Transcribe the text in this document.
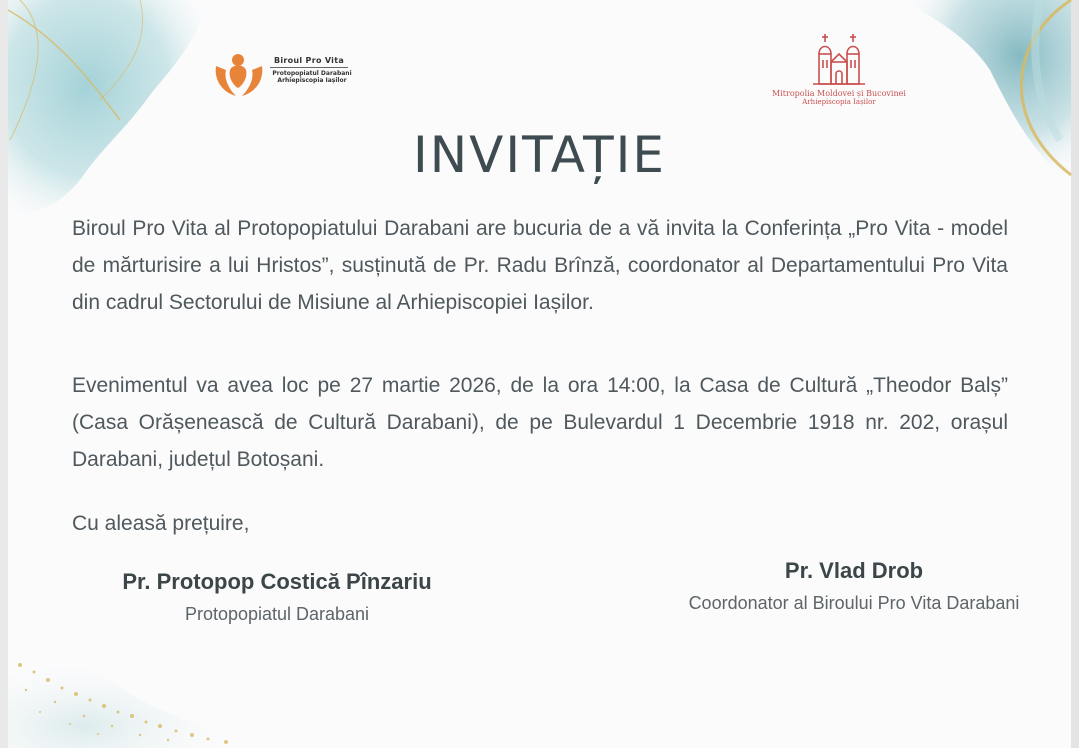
Biroul Pro Vita
Protopopiatul Darabani
Arhiepiscopia Iașilor
Mitropolia Moldovei și Bucovinei
Arhiepiscopia Iașilor
INVITAȚIE
Biroul Pro Vita al Protopopiatului Darabani are bucuria de a vă invita la Conferința „Pro Vita - model de mărturisire a lui Hristos”, susținută de Pr. Radu Brînză, coordonator al Departamentului Pro Vita din cadrul Sectorului de Misiune al Arhiepiscopiei Iașilor.
Evenimentul va avea loc pe 27 martie 2026, de la ora 14:00, la Casa de Cultură „Theodor Balș” (Casa Orășenească de Cultură Darabani), de pe Bulevardul 1 Decembrie 1918 nr. 202, orașul Darabani, județul Botoșani.
Cu aleasă prețuire,
Pr. Protopop Costică Pînzariu
Protopopiatul Darabani
Pr. Vlad Drob
Coordonator al Biroului Pro Vita Darabani
